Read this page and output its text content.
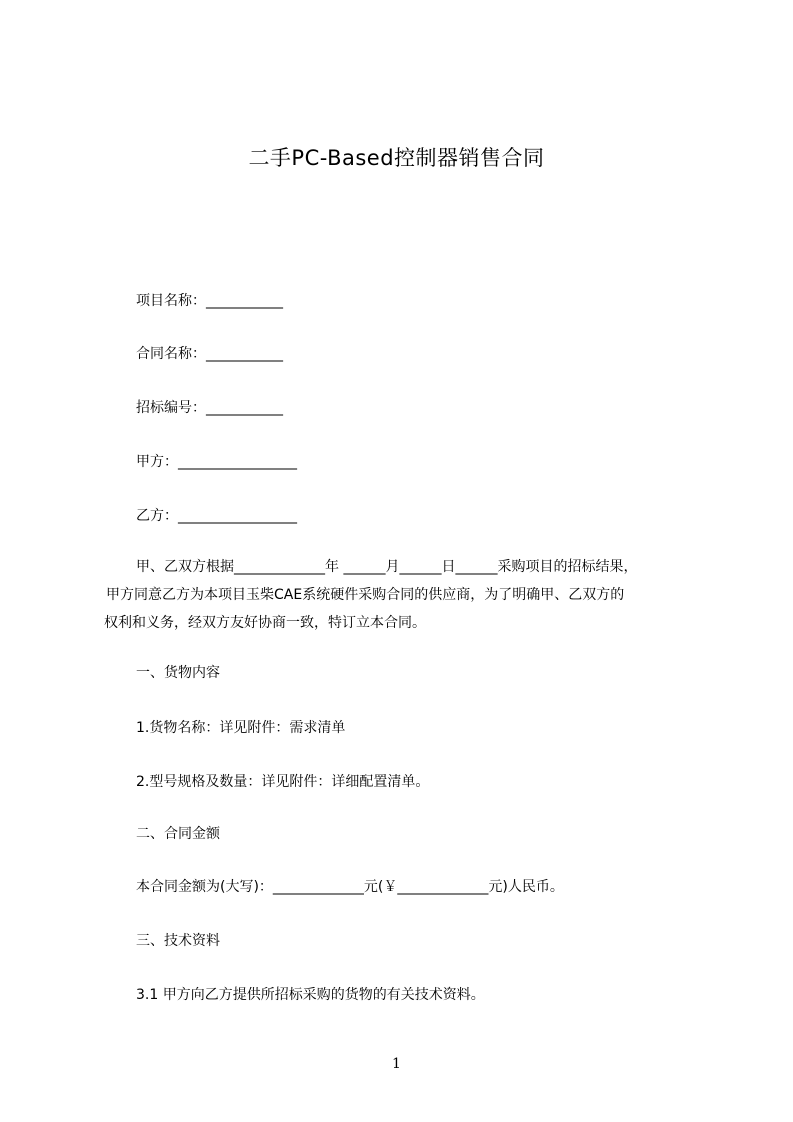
二手PC-Based控制器销售合同
项目名称：___________
合同名称：___________
招标编号：___________
甲方：_________________
乙方：_________________
甲、乙双方根据_____________年 ______月______日______采购项目的招标结果，
甲方同意乙方为本项目玉柴CAE系统硬件采购合同的供应商，为了明确甲、乙双方的
权利和义务，经双方友好协商一致，特订立本合同。
一、货物内容
1.货物名称：详见附件：需求清单
2.型号规格及数量：详见附件：详细配置清单。
二、合同金额
本合同金额为(大写)：_____________元(￥_____________元)人民币。
三、技术资料
3.1 甲方向乙方提供所招标采购的货物的有关技术资料。
1
